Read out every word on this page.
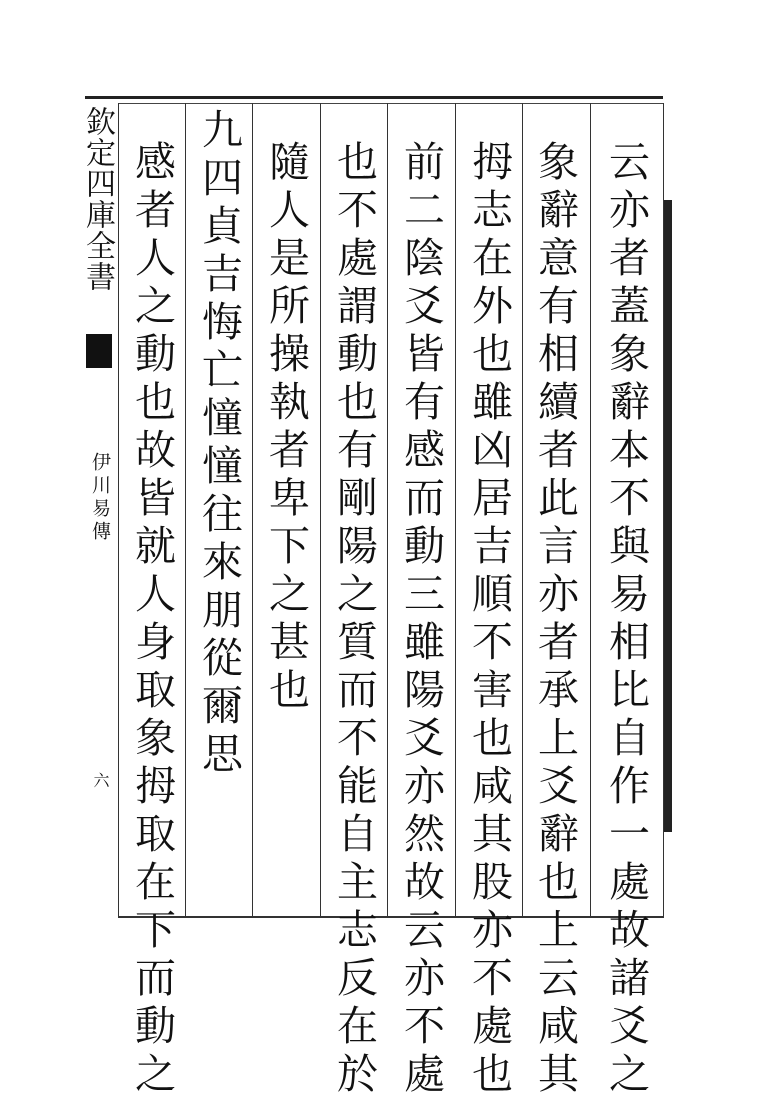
欽定四庫全書
伊川易傳
六	云亦者蓋象辭本不與易相比自作一處故諸爻之
象辭意有相續者此言亦者承上爻辭也上云咸其
拇志在外也雖凶居吉順不害也咸其股亦不處也
前二陰爻皆有感而動三雖陽爻亦然故云亦不處
也不處謂動也有剛陽之質而不能自主志反在於
隨人是所操執者卑下之甚也
九四貞吉悔亡憧憧往來朋從爾思
感者人之動也故皆就人身取象拇取在下而動之
